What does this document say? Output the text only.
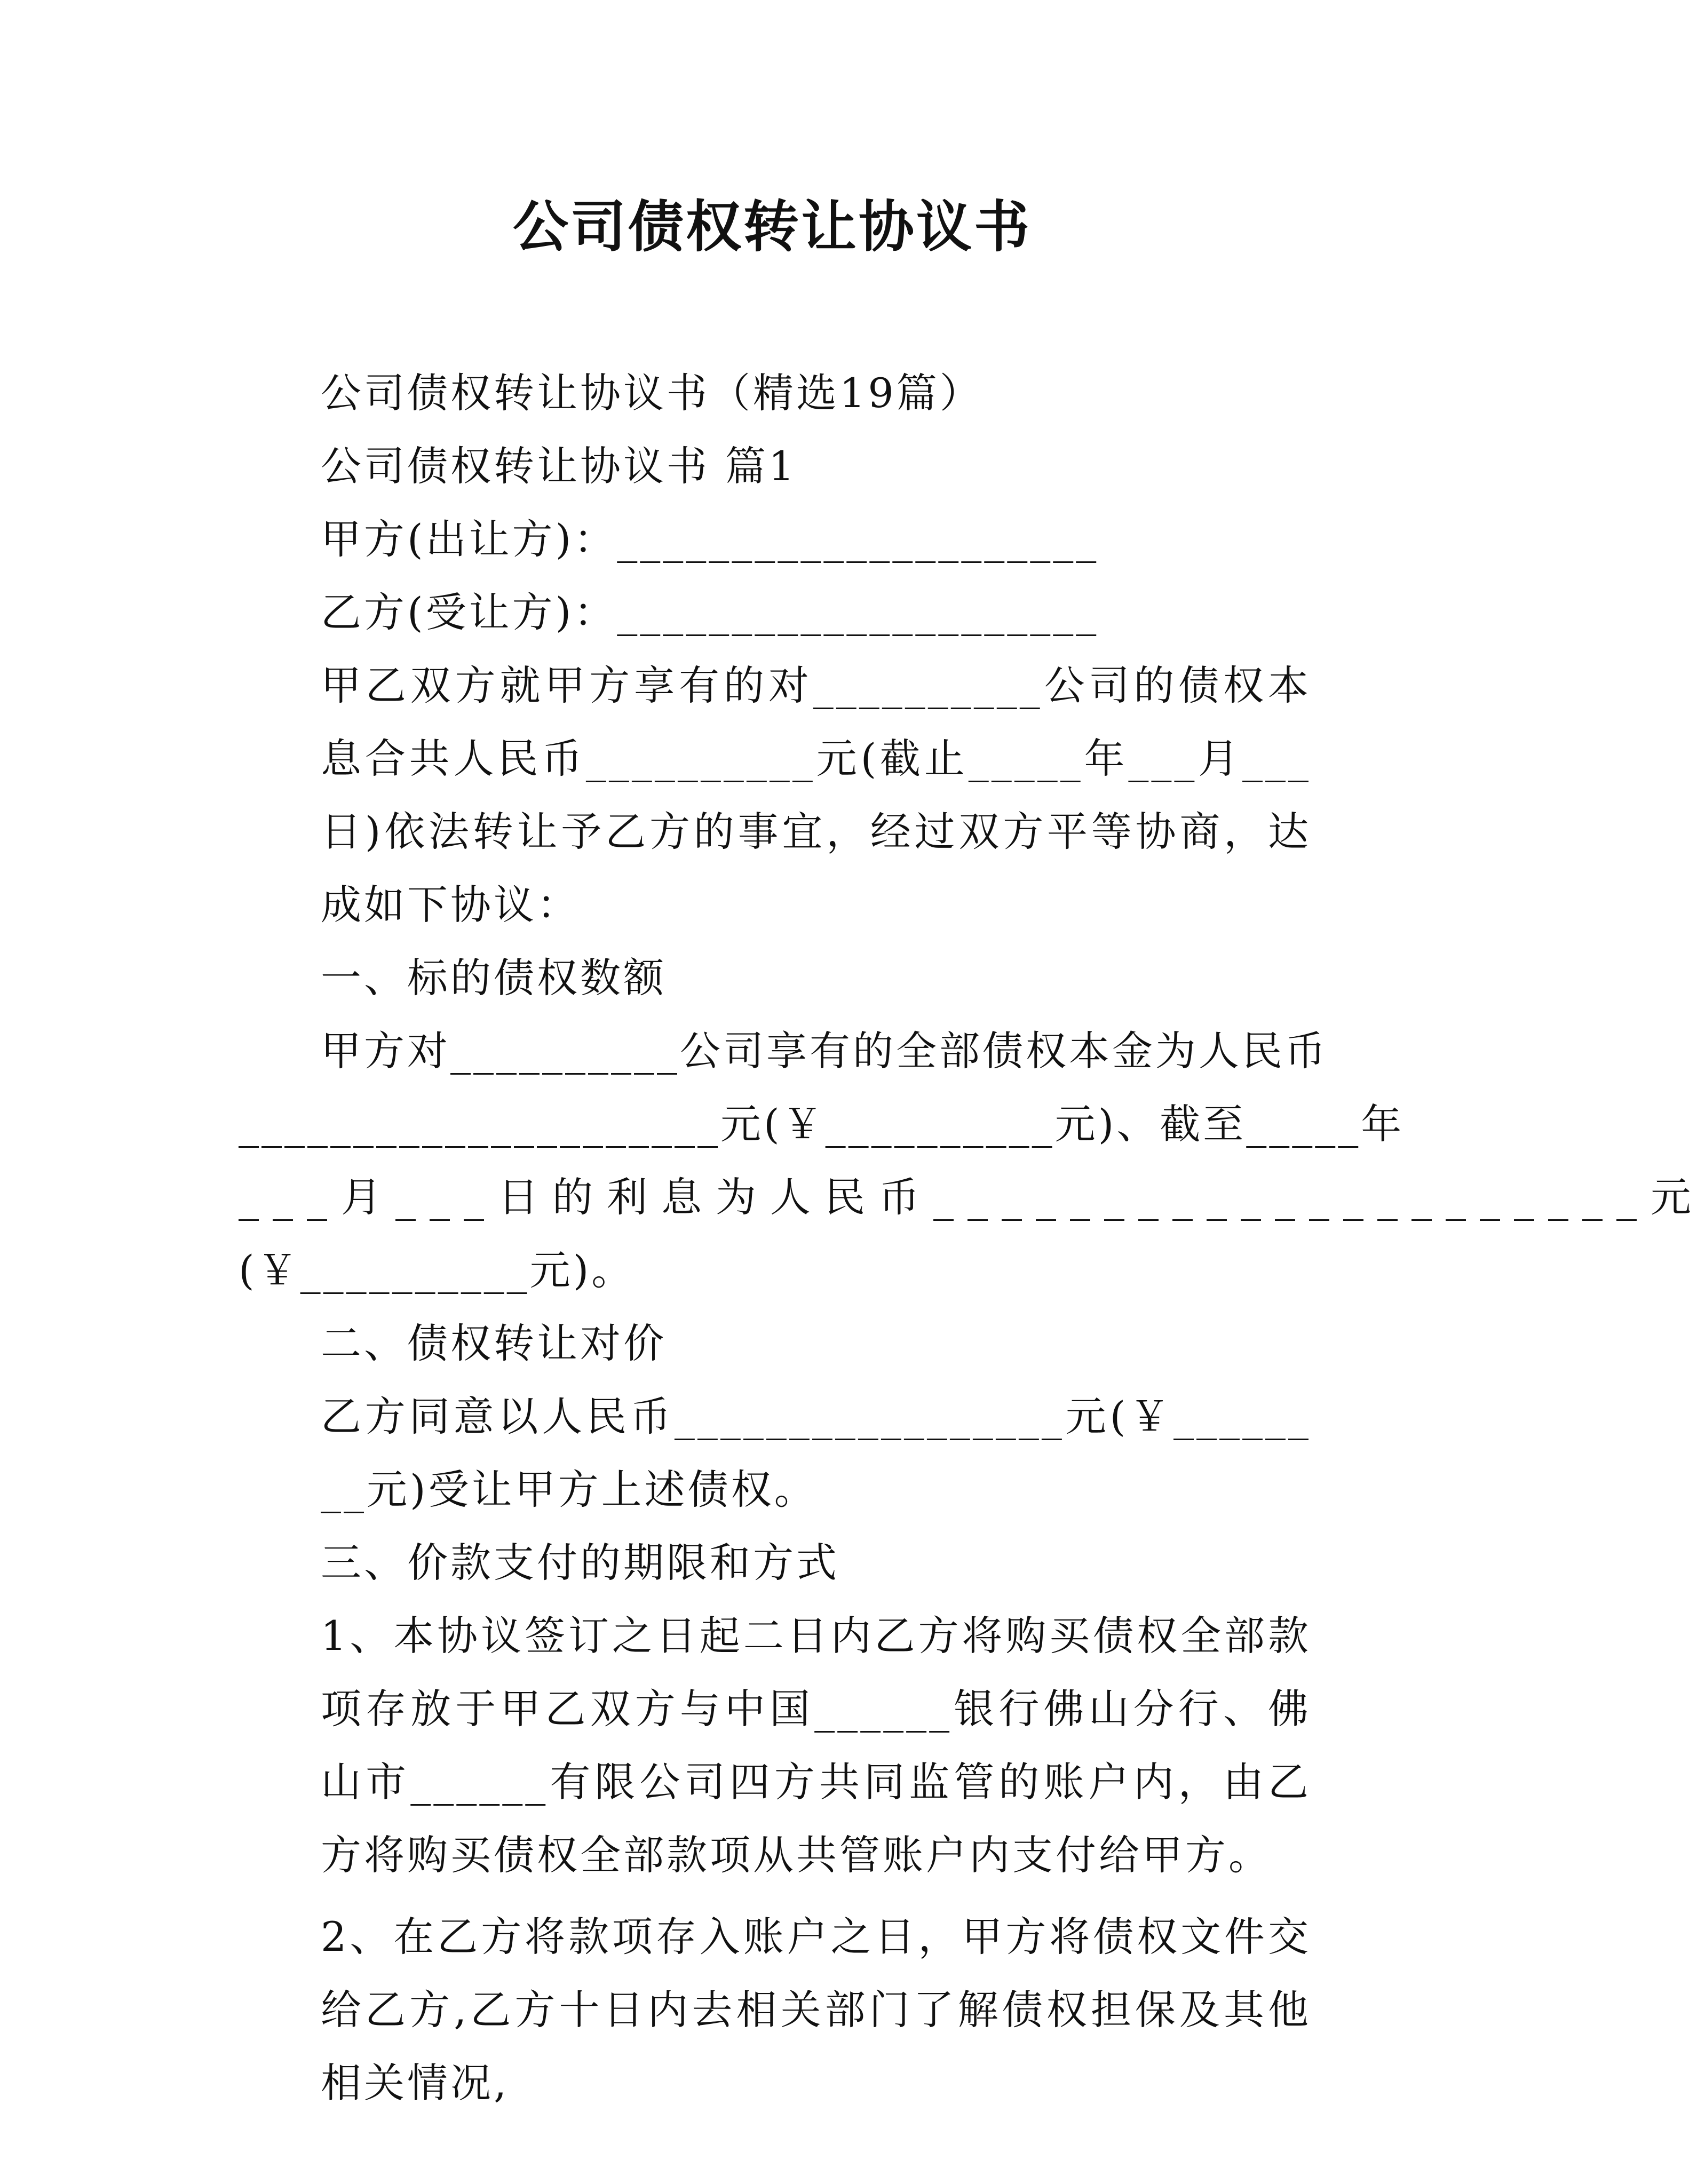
公司债权转让协议书

公司债权转让协议书（精选19篇）

公司债权转让协议书 篇1

甲方(出让方)：_____________________

乙方(受让方)：_____________________

甲乙双方就甲方享有的对__________公司的债权本息合共人民币__________元(截止_____年___月___日)依法转让予乙方的事宜，经过双方平等协商，达成如下协议：

一、标的债权数额

甲方对__________公司享有的全部债权本金为人民币

_____________________元(￥__________元)、截至_____年

___月___日的利息为人民币_____________________元

(￥__________元)。

二、债权转让对价

乙方同意以人民币_________________元(￥________元)受让甲方上述债权。

三、价款支付的期限和方式

1、本协议签订之日起二日内乙方将购买债权全部款项存放于甲乙双方与中国______银行佛山分行、佛山市______有限公司四方共同监管的账户内，由乙方将购买债权全部款项从共管账户内支付给甲方。

2、在乙方将款项存入账户之日，甲方将债权文件交给乙方,乙方十日内去相关部门了解债权担保及其他相关情况,
